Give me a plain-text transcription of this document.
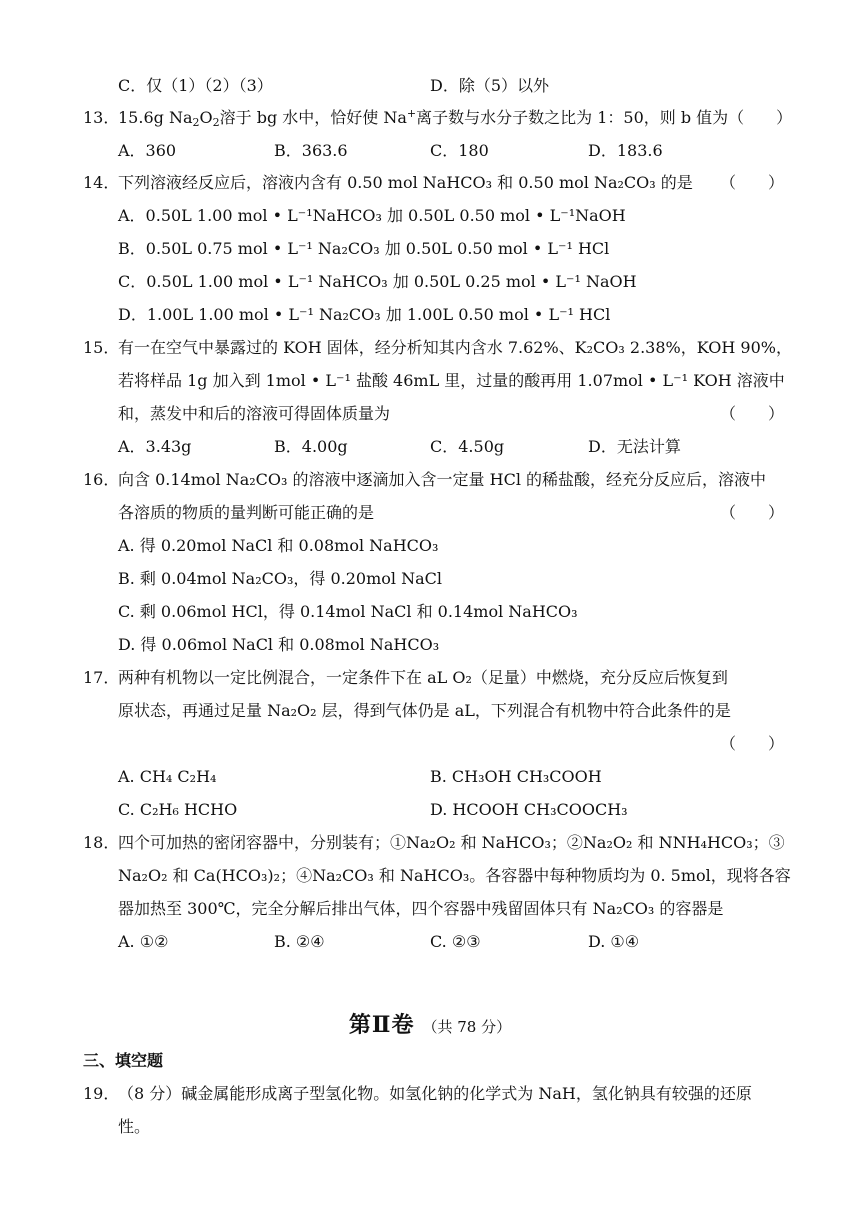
C．仅（1）（2）（3）	D．除（5）以外
13．
15.6g $Na_2O_2$溶于 bg 水中，恰好使 Na+离子数与水分子数之比为 1：50，则 b 值为（　　）
A．360	B．363.6	C．180	D．183.6
14．
下列溶液经反应后，溶液内含有 0.50 mol NaHCO₃ 和 0.50 mol Na₂CO₃ 的是 （　　）
A．0.50L 1.00 mol • L⁻¹NaHCO₃ 加 0.50L 0.50 mol • L⁻¹NaOH
B．0.50L 0.75 mol • L⁻¹ Na₂CO₃ 加 0.50L 0.50 mol • L⁻¹ HCl
C．0.50L 1.00 mol • L⁻¹ NaHCO₃ 加 0.50L 0.25 mol • L⁻¹ NaOH
D．1.00L 1.00 mol • L⁻¹ Na₂CO₃ 加 1.00L 0.50 mol • L⁻¹ HCl
15．
有一在空气中暴露过的 KOH 固体，经分析知其内含水 7.62%、K₂CO₃ 2.38%，KOH 90%，
若将样品 1g 加入到 1mol • L⁻¹ 盐酸 46mL 里，过量的酸再用 1.07mol • L⁻¹ KOH 溶液中
和，蒸发中和后的溶液可得固体质量为	（　　）
A．3.43g	B．4.00g	C．4.50g	D．无法计算
16．
向含 0.14mol Na₂CO₃ 的溶液中逐滴加入含一定量 HCl 的稀盐酸，经充分反应后，溶液中
各溶质的物质的量判断可能正确的是	（　　）
A. 得 0.20mol NaCl 和 0.08mol NaHCO₃
B. 剩 0.04mol Na₂CO₃，得 0.20mol NaCl
C. 剩 0.06mol HCl，得 0.14mol NaCl 和 0.14mol NaHCO₃
D. 得 0.06mol NaCl 和 0.08mol NaHCO₃
17．
两种有机物以一定比例混合，一定条件下在 aL O₂（足量）中燃烧，充分反应后恢复到
原状态，再通过足量 Na₂O₂ 层，得到气体仍是 aL，下列混合有机物中符合此条件的是
（　　）
A. CH₄ C₂H₄	B. CH₃OH CH₃COOH
C. C₂H₆ HCHO	D. HCOOH CH₃COOCH₃
18．
四个可加热的密闭容器中，分别装有；①Na₂O₂ 和 NaHCO₃；②Na₂O₂ 和 NNH₄HCO₃；③
Na₂O₂ 和 Ca(HCO₃)₂；④Na₂CO₃ 和 NaHCO₃。各容器中每种物质均为 0. 5mol，现将各容
器加热至 300℃，完全分解后排出气体，四个容器中残留固体只有 Na₂CO₃ 的容器是
A. ①②	B. ②④	C. ②③	D. ①④
第Ⅱ卷 （共 78 分）
三、填空题
19．
（8 分）碱金属能形成离子型氢化物。如氢化钠的化学式为 NaH，氢化钠具有较强的还原
性。
